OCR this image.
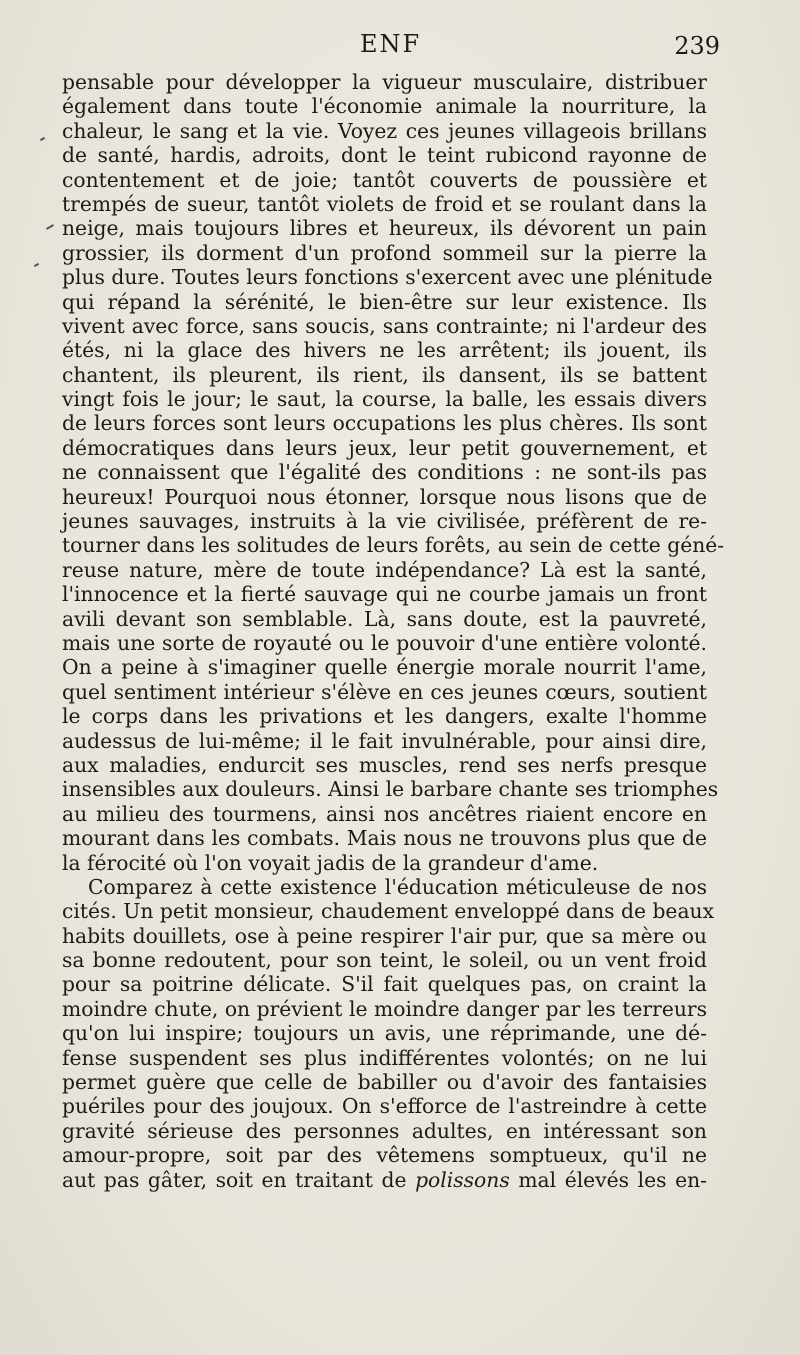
ENF	239
pensable pour développer la vigueur musculaire, distribuer
également dans toute l'économie animale la nourriture, la
chaleur, le sang et la vie. Voyez ces jeunes villageois brillans
de santé, hardis, adroits, dont le teint rubicond rayonne de
contentement et de joie; tantôt couverts de poussière et
trempés de sueur, tantôt violets de froid et se roulant dans la
neige, mais toujours libres et heureux, ils dévorent un pain
grossier, ils dorment d'un profond sommeil sur la pierre la
plus dure. Toutes leurs fonctions s'exercent avec une plénitude
qui répand la sérénité, le bien-être sur leur existence. Ils
vivent avec force, sans soucis, sans contrainte; ni l'ardeur des
étés, ni la glace des hivers ne les arrêtent; ils jouent, ils
chantent, ils pleurent, ils rient, ils dansent, ils se battent
vingt fois le jour; le saut, la course, la balle, les essais divers
de leurs forces sont leurs occupations les plus chères. Ils sont
démocratiques dans leurs jeux, leur petit gouvernement, et
ne connaissent que l'égalité des conditions : ne sont-ils pas
heureux! Pourquoi nous étonner, lorsque nous lisons que de
jeunes sauvages, instruits à la vie civilisée, préfèrent de re-
tourner dans les solitudes de leurs forêts, au sein de cette géné-
reuse nature, mère de toute indépendance? Là est la santé,
l'innocence et la fierté sauvage qui ne courbe jamais un front
avili devant son semblable. Là, sans doute, est la pauvreté,
mais une sorte de royauté ou le pouvoir d'une entière volonté.
On a peine à s'imaginer quelle énergie morale nourrit l'ame,
quel sentiment intérieur s'élève en ces jeunes cœurs, soutient
le corps dans les privations et les dangers, exalte l'homme
audessus de lui-même; il le fait invulnérable, pour ainsi dire,
aux maladies, endurcit ses muscles, rend ses nerfs presque
insensibles aux douleurs. Ainsi le barbare chante ses triomphes
au milieu des tourmens, ainsi nos ancêtres riaient encore en
mourant dans les combats. Mais nous ne trouvons plus que de
la férocité où l'on voyait jadis de la grandeur d'ame.
Comparez à cette existence l'éducation méticuleuse de nos
cités. Un petit monsieur, chaudement enveloppé dans de beaux
habits douillets, ose à peine respirer l'air pur, que sa mère ou
sa bonne redoutent, pour son teint, le soleil, ou un vent froid
pour sa poitrine délicate. S'il fait quelques pas, on craint la
moindre chute, on prévient le moindre danger par les terreurs
qu'on lui inspire; toujours un avis, une réprimande, une dé-
fense suspendent ses plus indifférentes volontés; on ne lui
permet guère que celle de babiller ou d'avoir des fantaisies
puériles pour des joujoux. On s'efforce de l'astreindre à cette
gravité sérieuse des personnes adultes, en intéressant son
amour-propre, soit par des vêtemens somptueux, qu'il ne
aut pas gâter, soit en traitant de polissons mal élevés les en-
